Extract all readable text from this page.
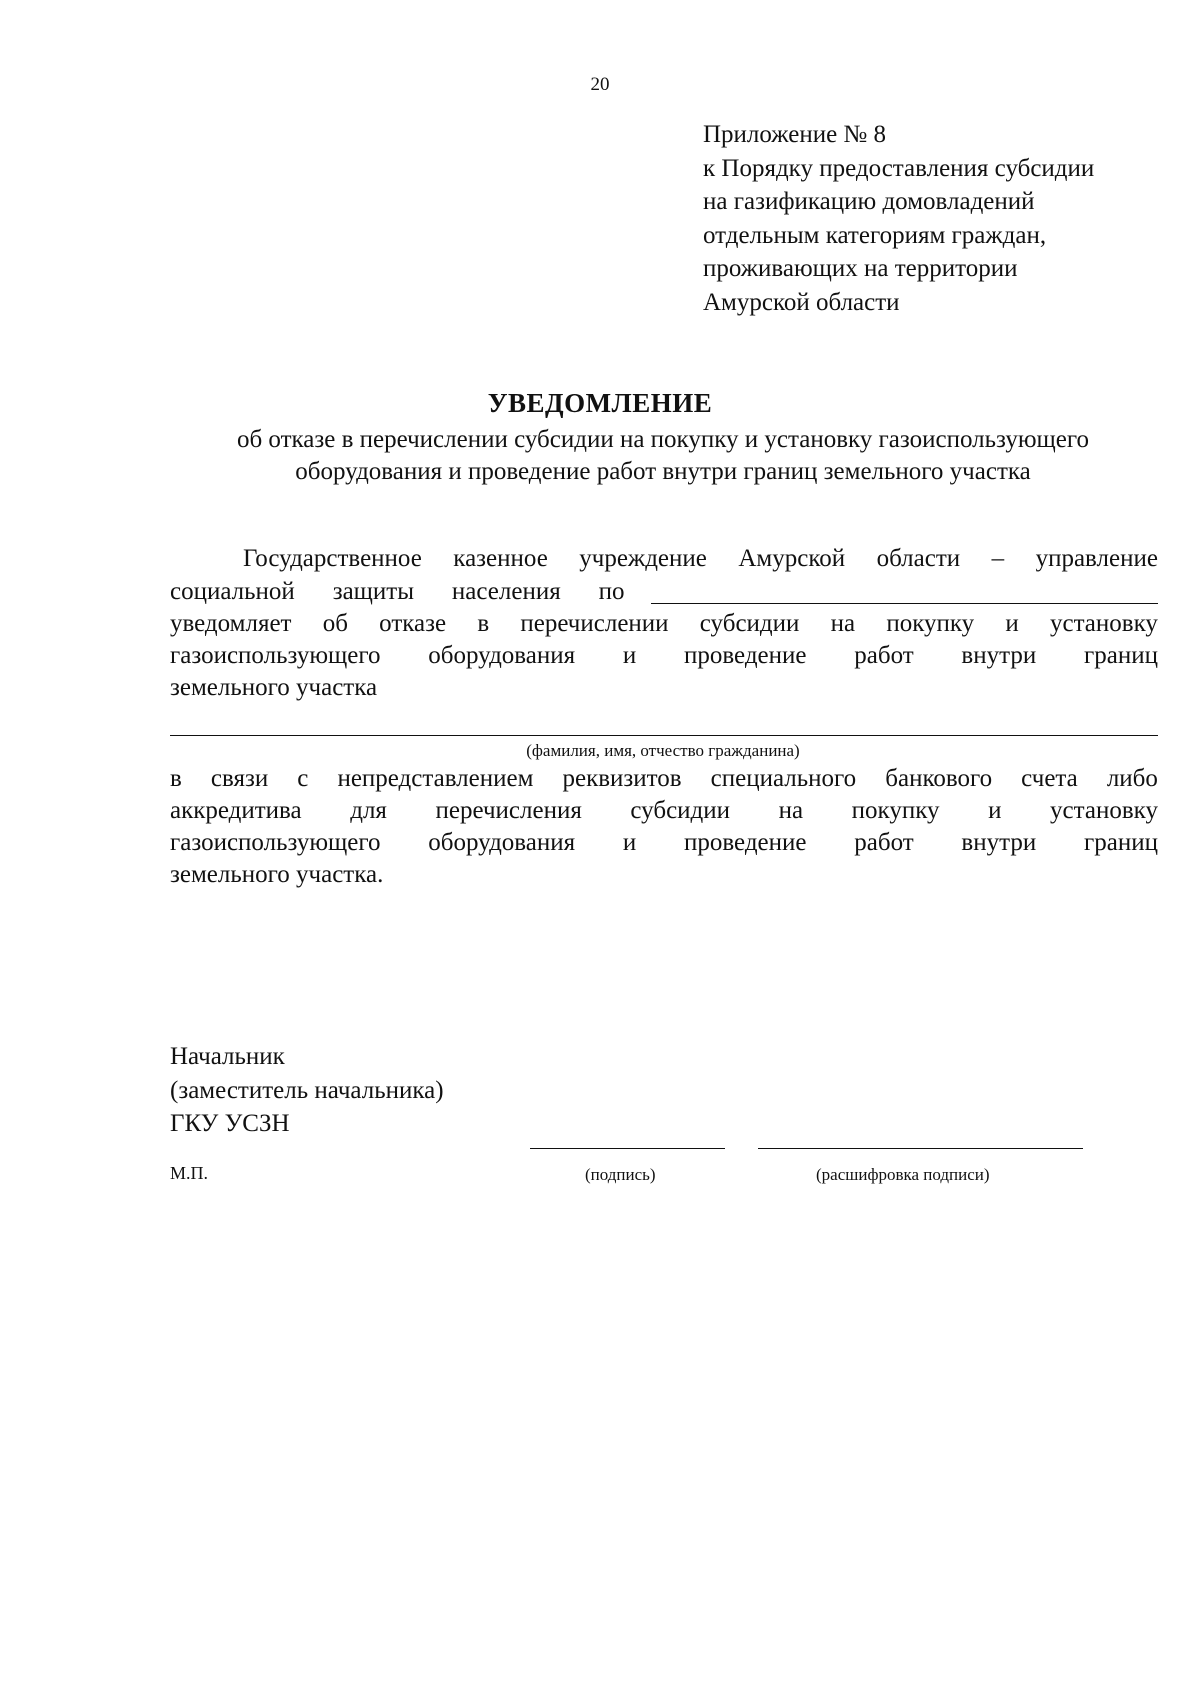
20
Приложение № 8
к Порядку предоставления субсидии
на газификацию домовладений
отдельным категориям граждан,
проживающих на территории
Амурской области
УВЕДОМЛЕНИЕ
об отказе в перечислении субсидии на покупку и установку газоиспользующего
оборудования и проведение работ внутри границ земельного участка
Государственное казенное учреждение Амурской области – управление
социальной защиты населения по
уведомляет об отказе в перечислении субсидии на покупку и установку
газоиспользующего оборудования и проведение работ внутри границ
земельного участка
(фамилия, имя, отчество гражданина)
в связи с непредставлением реквизитов специального банкового счета либо
аккредитива для перечисления субсидии на покупку и установку
газоиспользующего оборудования и проведение работ внутри границ
земельного участка.
Начальник
(заместитель начальника)
ГКУ УСЗН
М.П.	(подпись)	(расшифровка подписи)
